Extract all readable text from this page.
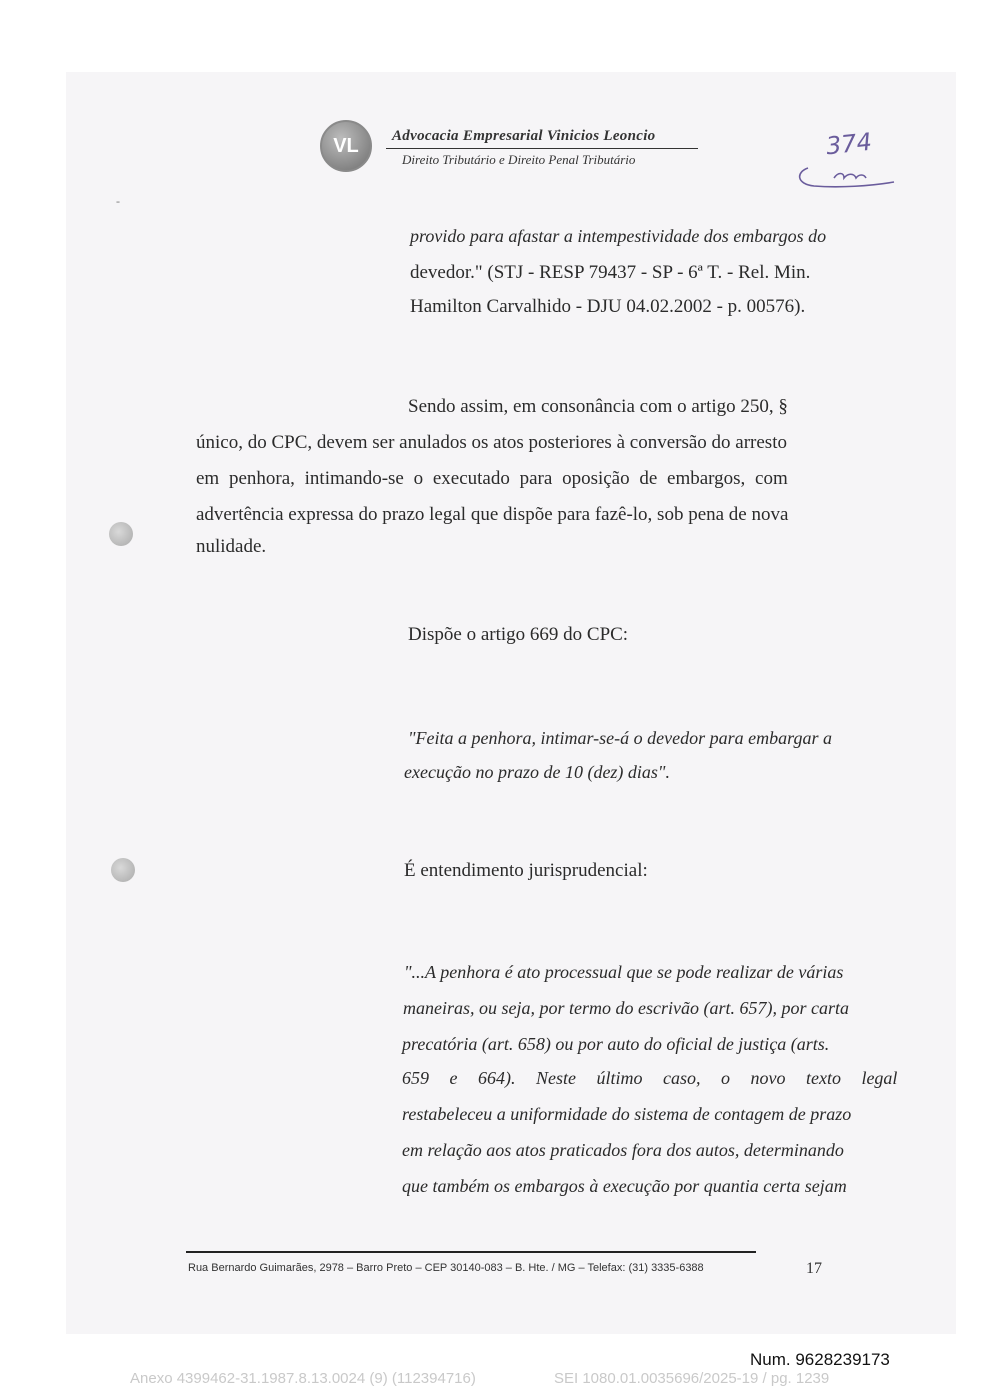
VL Advocacia Empresarial Vinicios Leoncio
Direito Tributário e Direito Penal Tributário	374
-
provido para afastar a intempestividade dos embargos do
devedor." (STJ - RESP 79437 - SP - 6ª T. - Rel. Min.
Hamilton Carvalhido - DJU 04.02.2002 - p. 00576).
Sendo assim, em consonância com o artigo 250, §
único, do CPC, devem ser anulados os atos posteriores à conversão do arresto
em penhora, intimando-se o executado para oposição de embargos, com
advertência expressa do prazo legal que dispõe para fazê-lo, sob pena de nova
nulidade.
Dispõe o artigo 669 do CPC:
"Feita a penhora, intimar-se-á o devedor para embargar a
execução no prazo de 10 (dez) dias".
É entendimento jurisprudencial:
"...A penhora é ato processual que se pode realizar de várias
maneiras, ou seja, por termo do escrivão (art. 657), por carta
precatória (art. 658) ou por auto do oficial de justiça (arts.
659 e 664). Neste último caso, o novo texto legal
restabeleceu a uniformidade do sistema de contagem de prazo
em relação aos atos praticados fora dos autos, determinando
que também os embargos à execução por quantia certa sejam
Rua Bernardo Guimarães, 2978 – Barro Preto – CEP 30140-083 – B. Hte. / MG – Telefax: (31) 3335-6388	17
Num. 9628239173
Anexo 4399462-31.1987.8.13.0024 (9) (112394716)	SEI 1080.01.0035696/2025-19 / pg. 1239
